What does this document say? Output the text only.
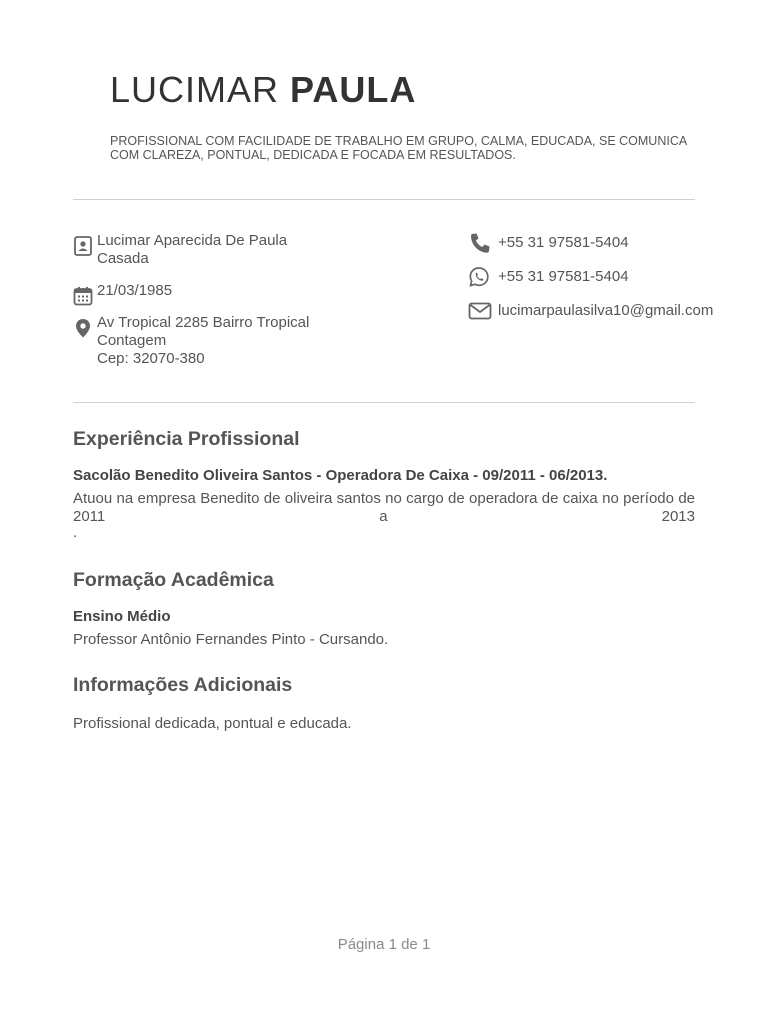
LUCIMAR PAULA
PROFISSIONAL COM FACILIDADE DE TRABALHO EM GRUPO, CALMA, EDUCADA, SE COMUNICA COM CLAREZA, PONTUAL, DEDICADA E FOCADA EM RESULTADOS.
Lucimar Aparecida De Paula
Casada
21/03/1985
Av Tropical 2285 Bairro Tropical
Contagem
Cep: 32070-380
+55 31 97581-5404
+55 31 97581-5404
lucimarpaulasilva10@gmail.com
Experiência Profissional
Sacolão Benedito Oliveira Santos - Operadora De Caixa - 09/2011 - 06/2013.
Atuou na empresa Benedito de oliveira santos no cargo de operadora de caixa no período de 2011 a 2013
.
Formação Acadêmica
Ensino Médio
Professor Antônio Fernandes Pinto - Cursando.
Informações Adicionais
Profissional dedicada, pontual e educada.
Página 1 de 1
